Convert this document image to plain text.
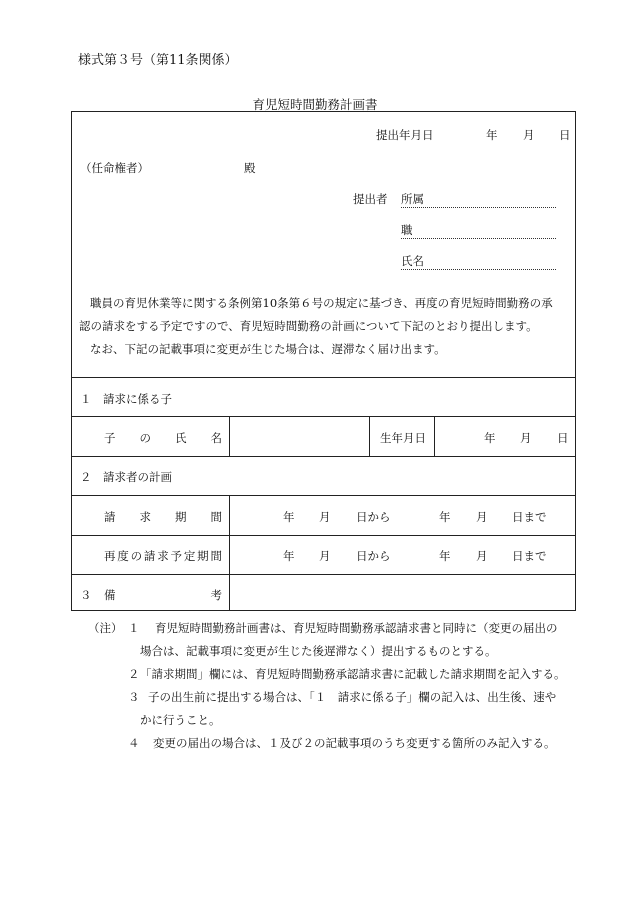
様式第３号（第11条関係）
育児短時間勤務計画書
提出年月日	年 月 日
（任命権者）	殿
提出者 所属
職
氏名
職員の育児休業等に関する条例第10条第６号の規定に基づき、再度の育児短時間勤務の承
認の請求をする予定ですので、育児短時間勤務の計画について下記のとおり提出します。
なお、下記の記載事項に変更が生じた場合は、遅滞なく届け出ます。
１　請求に係る子
子の氏名	生年月日	年 月 日
２　請求者の計画
請求期間	年 月 日から	年 月 日まで
再度の請求予定期間	年 月 日から	年 月 日まで
３ 備考
（注） １ 育児短時間勤務計画書は、育児短時間勤務承認請求書と同時に（変更の届出の
場合は、記載事項に変更が生じた後遅滞なく）提出するものとする。
２ 「請求期間」欄には、育児短時間勤務承認請求書に記載した請求期間を記入する。
３ 子の出生前に提出する場合は、「１　請求に係る子」欄の記入は、出生後、速や
かに行うこと。
４ 変更の届出の場合は、１及び２の記載事項のうち変更する箇所のみ記入する。
